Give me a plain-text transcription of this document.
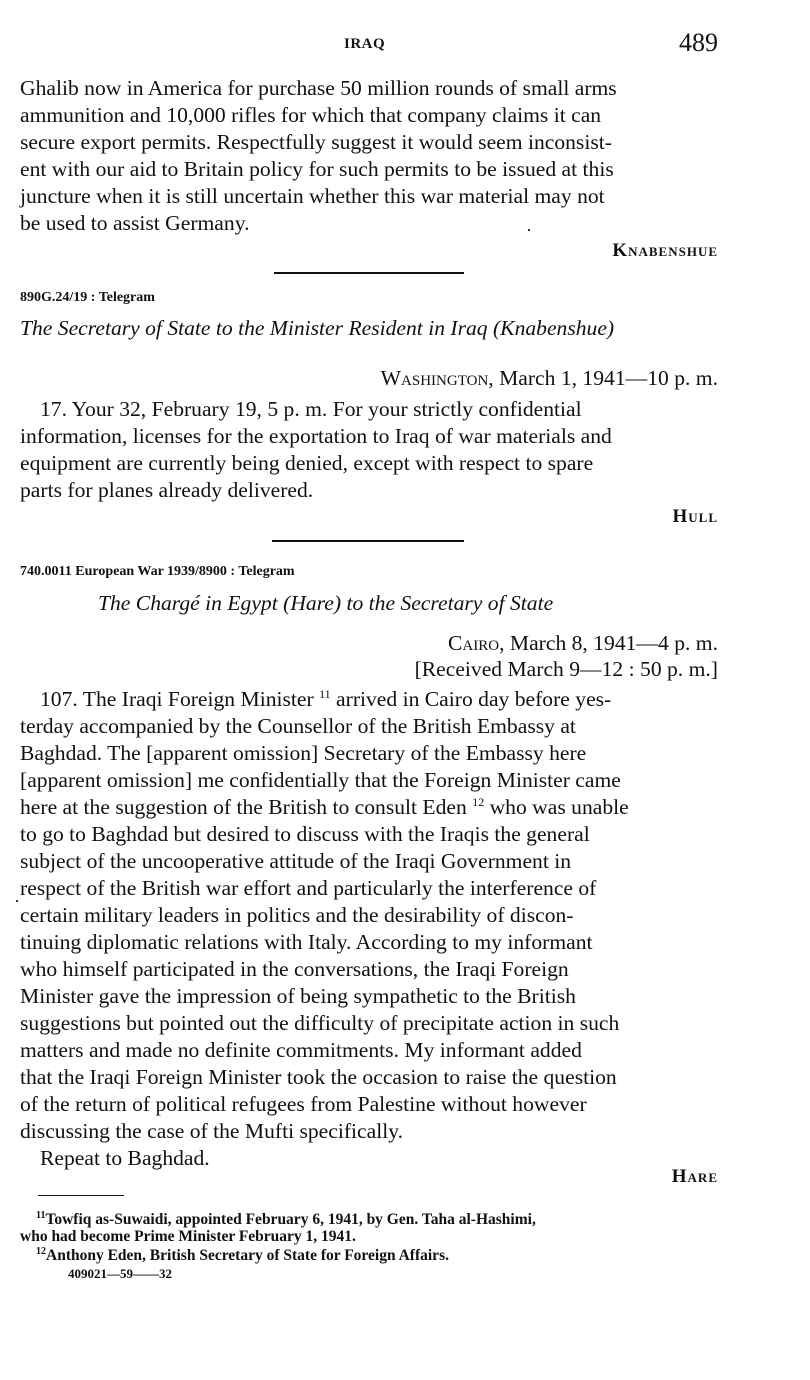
IRAQ	489

Ghalib now in America for purchase 50 million rounds of small arms

ammunition and 10,000 rifles for which that company claims it can

secure export permits. Respectfully suggest it would seem inconsist-

ent with our aid to Britain policy for such permits to be issued at this

juncture when it is still uncertain whether this war material may not

be used to assist Germany.

Knabenshue
890G.24/19 : Telegram
The Secretary of State to the Minister Resident in Iraq (Knabenshue)
Washington, March 1, 1941—10 p. m.

17. Your 32, February 19, 5 p. m. For your strictly confidential

information, licenses for the exportation to Iraq of war materials and

equipment are currently being denied, except with respect to spare

parts for planes already delivered.

Hull
740.0011 European War 1939/8900 : Telegram
The Chargé in Egypt (Hare) to the Secretary of State
Cairo, March 8, 1941—4 p. m.
[Received March 9—12 : 50 p. m.]

107. The Iraqi Foreign Minister $^{11}$ arrived in Cairo day before yes-

terday accompanied by the Counsellor of the British Embassy at

Baghdad. The [apparent omission] Secretary of the Embassy here

[apparent omission] me confidentially that the Foreign Minister came

here at the suggestion of the British to consult Eden $^{12}$ who was unable

to go to Baghdad but desired to discuss with the Iraqis the general

subject of the uncooperative attitude of the Iraqi Government in

respect of the British war effort and particularly the interference of

certain military leaders in politics and the desirability of discon-

tinuing diplomatic relations with Italy. According to my informant

who himself participated in the conversations, the Iraqi Foreign

Minister gave the impression of being sympathetic to the British

suggestions but pointed out the difficulty of precipitate action in such

matters and made no definite commitments. My informant added

that the Iraqi Foreign Minister took the occasion to raise the question

of the return of political refugees from Palestine without however

discussing the case of the Mufti specifically.

Repeat to Baghdad.

Hare
$^{11}$Towfiq as-Suwaidi, appointed February 6, 1941, by Gen. Taha al-Hashimi,
who had become Prime Minister February 1, 1941.
$^{12}$Anthony Eden, British Secretary of State for Foreign Affairs.
409021—59——32
